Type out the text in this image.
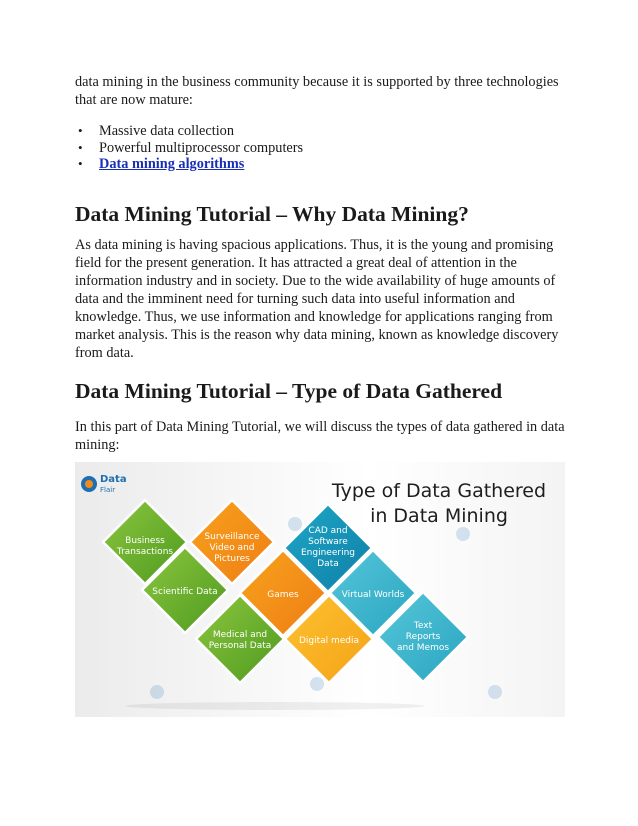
data mining in the business community because it is supported by three technologies that are now mature:

• Massive data collection
• Powerful multiprocessor computers
• Data mining algorithms
Data Mining Tutorial – Why Data Mining?

As data mining is having spacious applications. Thus, it is the young and promising field for the present generation. It has attracted a great deal of attention in the information industry and in society. Due to the wide availability of huge amounts of data and the imminent need for turning such data into useful information and knowledge. Thus, we use information and knowledge for applications ranging from market analysis. This is the reason why data mining, known as knowledge discovery from data.

Data Mining Tutorial – Type of Data Gathered

In this part of Data Mining Tutorial, we will discuss the types of data gathered in data mining:

Data
Flair	Type of Data Gathered
in Data Mining
Business Transactions
Surveillance Video and Pictures
CAD and Software Engineering Data
Scientific Data	Games	Virtual Worlds
Medical and Personal Data	Digital media
Text Reports and Memos
